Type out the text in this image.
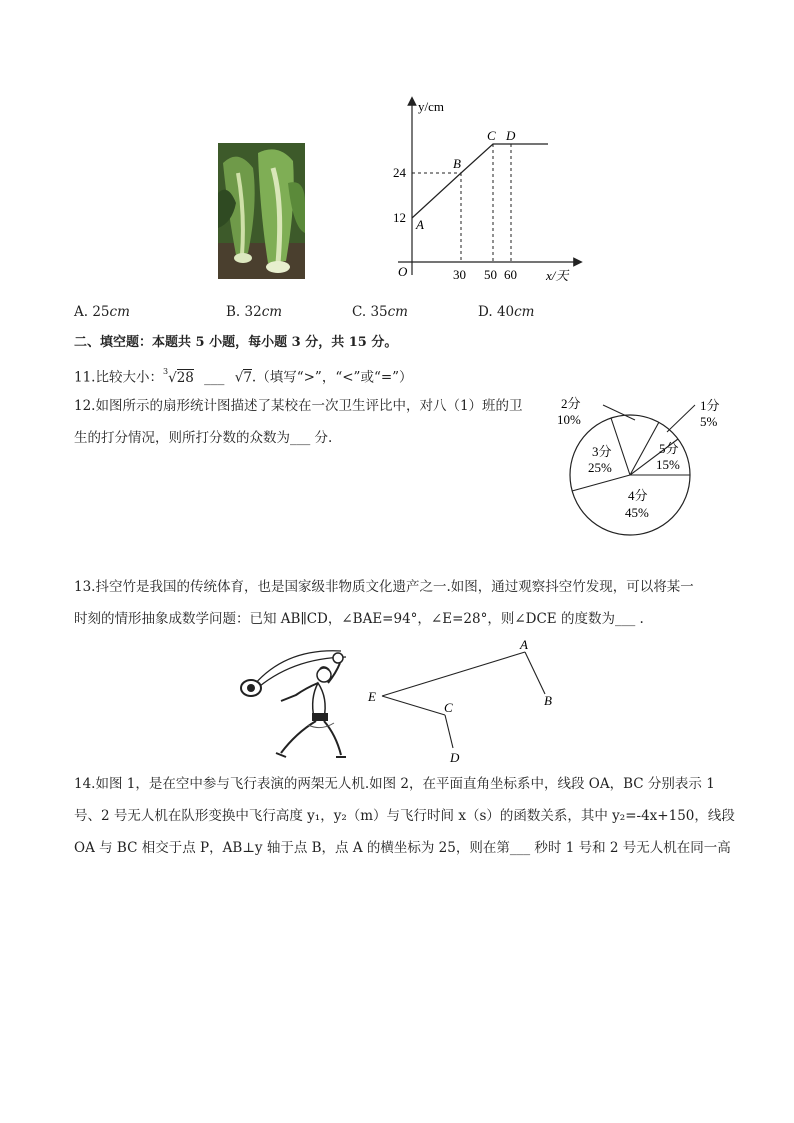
y/cm
x/天
O
24
12
30 50 60
A
B
C D
A. 25cm	B. 32cm	C. 35cm	D. 40cm
二、填空题：本题共 5 小题，每小题 3 分，共 15 分。
11.比较大小：$^3$√28 ___ √7.（填写“>”，“<”或“=”）
12.如图所示的扇形统计图描述了某校在一次卫生评比中，对八（1）班的卫
生的打分情况，则所打分数的众数为___ 分.
2分
10%
1分
5%
3分
25%
5分
15%
4分
45%
13.抖空竹是我国的传统体育，也是国家级非物质文化遗产之一.如图，通过观察抖空竹发现，可以将某一
时刻的情形抽象成数学问题：已知 AB∥CD，∠BAE=94°，∠E=28°，则∠DCE 的度数为___ .
A
B
E
C
D
14.如图 1，是在空中参与飞行表演的两架无人机.如图 2，在平面直角坐标系中，线段 OA，BC 分别表示 1
号、2 号无人机在队形变换中飞行高度 y₁，y₂（m）与飞行时间 x（s）的函数关系，其中 y₂=-4x+150，线段
OA 与 BC 相交于点 P，AB⊥y 轴于点 B，点 A 的横坐标为 25，则在第___ 秒时 1 号和 2 号无人机在同一高
